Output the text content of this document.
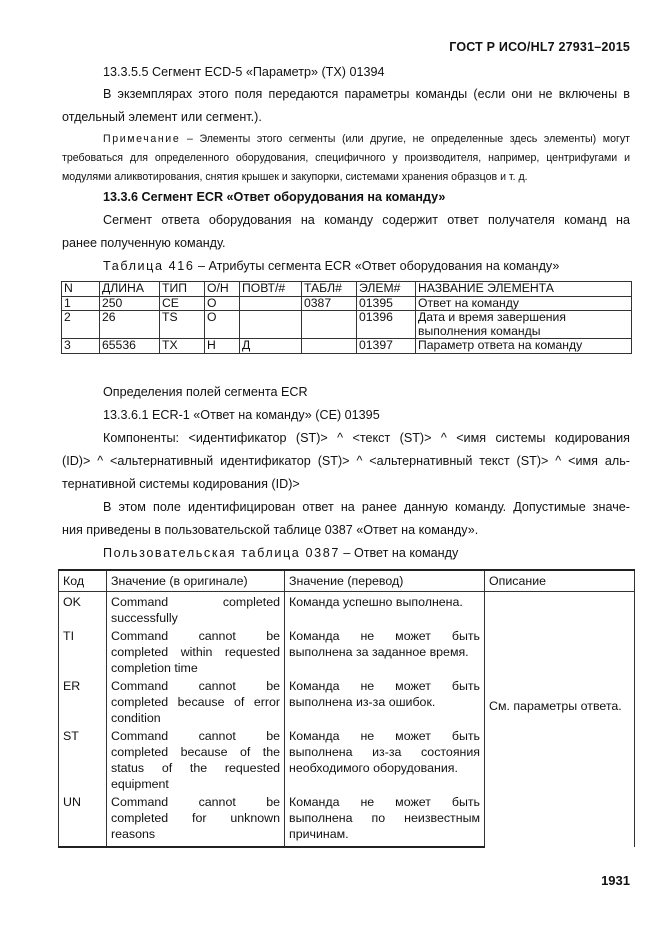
ГОСТ Р ИСО/HL7 27931–2015
13.3.5.5 Сегмент ECD-5 «Параметр» (TX) 01394
В экземплярах этого поля передаются параметры команды (если они не включены в
отдельный элемент или сегмент.).
Примечание – Элементы этого сегменты (или другие, не определенные здесь элементы) могут
требоваться для определенного оборудования, специфичного у производителя, например, центрифугами и
модулями аликвотирования, снятия крышек и закупорки, системами хранения образцов и т. д.
13.3.6 Сегмент ECR «Ответ оборудования на команду»
Сегмент ответа оборудования на команду содержит ответ получателя команд на
ранее полученную команду.
Таблица 416 – Атрибуты сегмента ECR «Ответ оборудования на команду»
N	ДЛИНА	ТИП	О/Н	ПОВТ/#	ТАБЛ#	ЭЛЕМ#	НАЗВАНИЕ ЭЛЕМЕНТА
1	250	CE	O		0387	01395	Ответ на команду
2	26	TS	O			01396	Дата и время завершения выполнения команды
3	65536	TX	Н	Д		01397	Параметр ответа на команду
Определения полей сегмента ECR
13.3.6.1 ECR-1 «Ответ на команду» (CE) 01395
Компоненты: <идентификатор (ST)> ^ <текст (ST)> ^ <имя системы кодирования
(ID)> ^ <альтернативный идентификатор (ST)> ^ <альтернативный текст (ST)> ^ <имя аль-
тернативной системы кодирования (ID)>
В этом поле идентифицирован ответ на ранее данную команду. Допустимые значе-
ния приведены в пользовательской таблице 0387 «Ответ на команду».
Пользовательская таблица 0387 – Ответ на команду
Код	Значение (в оригинале)	Значение (перевод)	Описание
OK	Command completed successfully	Команда успешно выполнена.	См. параметры ответа.
TI	Command cannot be completed within requested completion time	Команда не может быть выполнена за заданное время.	
ER	Command cannot be completed because of error condition	Команда не может быть выполнена из-за ошибок.	
ST	Command cannot be completed because of the status of the requested equipment	Команда не может быть выполнена из-за состояния необходимого оборудования.	
UN	Command cannot be completed for unknown reasons	Команда не может быть выполнена по неизвестным причинам.	
1931
